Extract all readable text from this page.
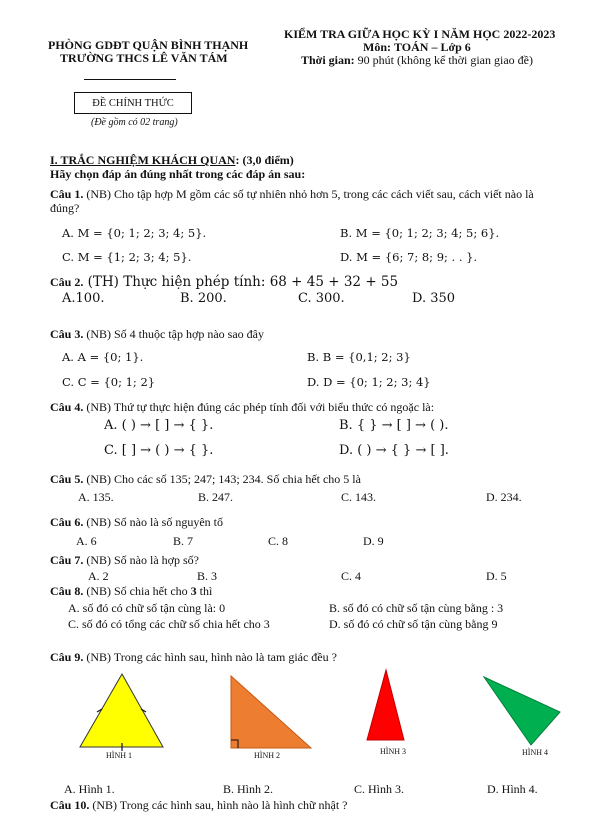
PHÒNG GDĐT QUẬN BÌNH THẠNH
TRƯỜNG THCS LÊ VĂN TÁM
KIỂM TRA GIỮA HỌC KỲ I NĂM HỌC 2022-2023
Môn: TOÁN – Lớp 6
Thời gian: 90 phút (không kể thời gian giao đề)
ĐỀ CHÍNH THỨC
(Đề gồm có 02 trang)
I. TRẮC NGHIỆM KHÁCH QUAN: (3,0 điểm)
Hãy chọn đáp án đúng nhất trong các đáp án sau:
Câu 1. (NB) Cho tập hợp M gồm các số tự nhiên nhỏ hơn 5, trong các cách viết sau, cách viết nào là
đúng?
A. M = {0; 1; 2; 3; 4; 5}.	B. M = {0; 1; 2; 3; 4; 5; 6}.
C. M = {1; 2; 3; 4; 5}.	D. M = {6; 7; 8; 9; . . }.
Câu 2. (TH) Thực hiện phép tính: 68 + 45 + 32 + 55
A.100.	B. 200.	C. 300.	D. 350
Câu 3. (NB) Số 4 thuộc tập hợp nào sao đây
A. A = {0; 1}.	B. B = {0,1; 2; 3}
C. C = {0; 1; 2}	D. D = {0; 1; 2; 3; 4}
Câu 4. (NB) Thứ tự thực hiện đúng các phép tính đối với biểu thức có ngoặc là:
A. ( ) → [ ] → { }.	B. { } → [ ] → ( ).
C. [ ] → ( ) → { }.	D. ( ) → { } → [ ].
Câu 5. (NB) Cho các số 135; 247; 143; 234. Số chia hết cho 5 là
A. 135.	B. 247.	C. 143.	D. 234.
Câu 6. (NB) Số nào là số nguyên tố
A. 6	B. 7	C. 8	D. 9
Câu 7. (NB) Số nào là hợp số?
A. 2	B. 3	C. 4	D. 5
Câu 8. (NB) Số chia hết cho 3 thì
A. số đó có chữ số tận cùng là: 0	B. số đó có chữ số tận cùng bằng : 3
C. số đó có tổng các chữ số chia hết cho 3	D. số đó có chữ số tận cùng bằng 9
Câu 9. (NB) Trong các hình sau, hình nào là tam giác đều ?
HÌNH 1	HÌNH 2	HÌNH 3	HÌNH 4
A. Hình 1.	B. Hình 2.	C. Hình 3.	D. Hình 4.
Câu 10. (NB) Trong các hình sau, hình nào là hình chữ nhật ?
